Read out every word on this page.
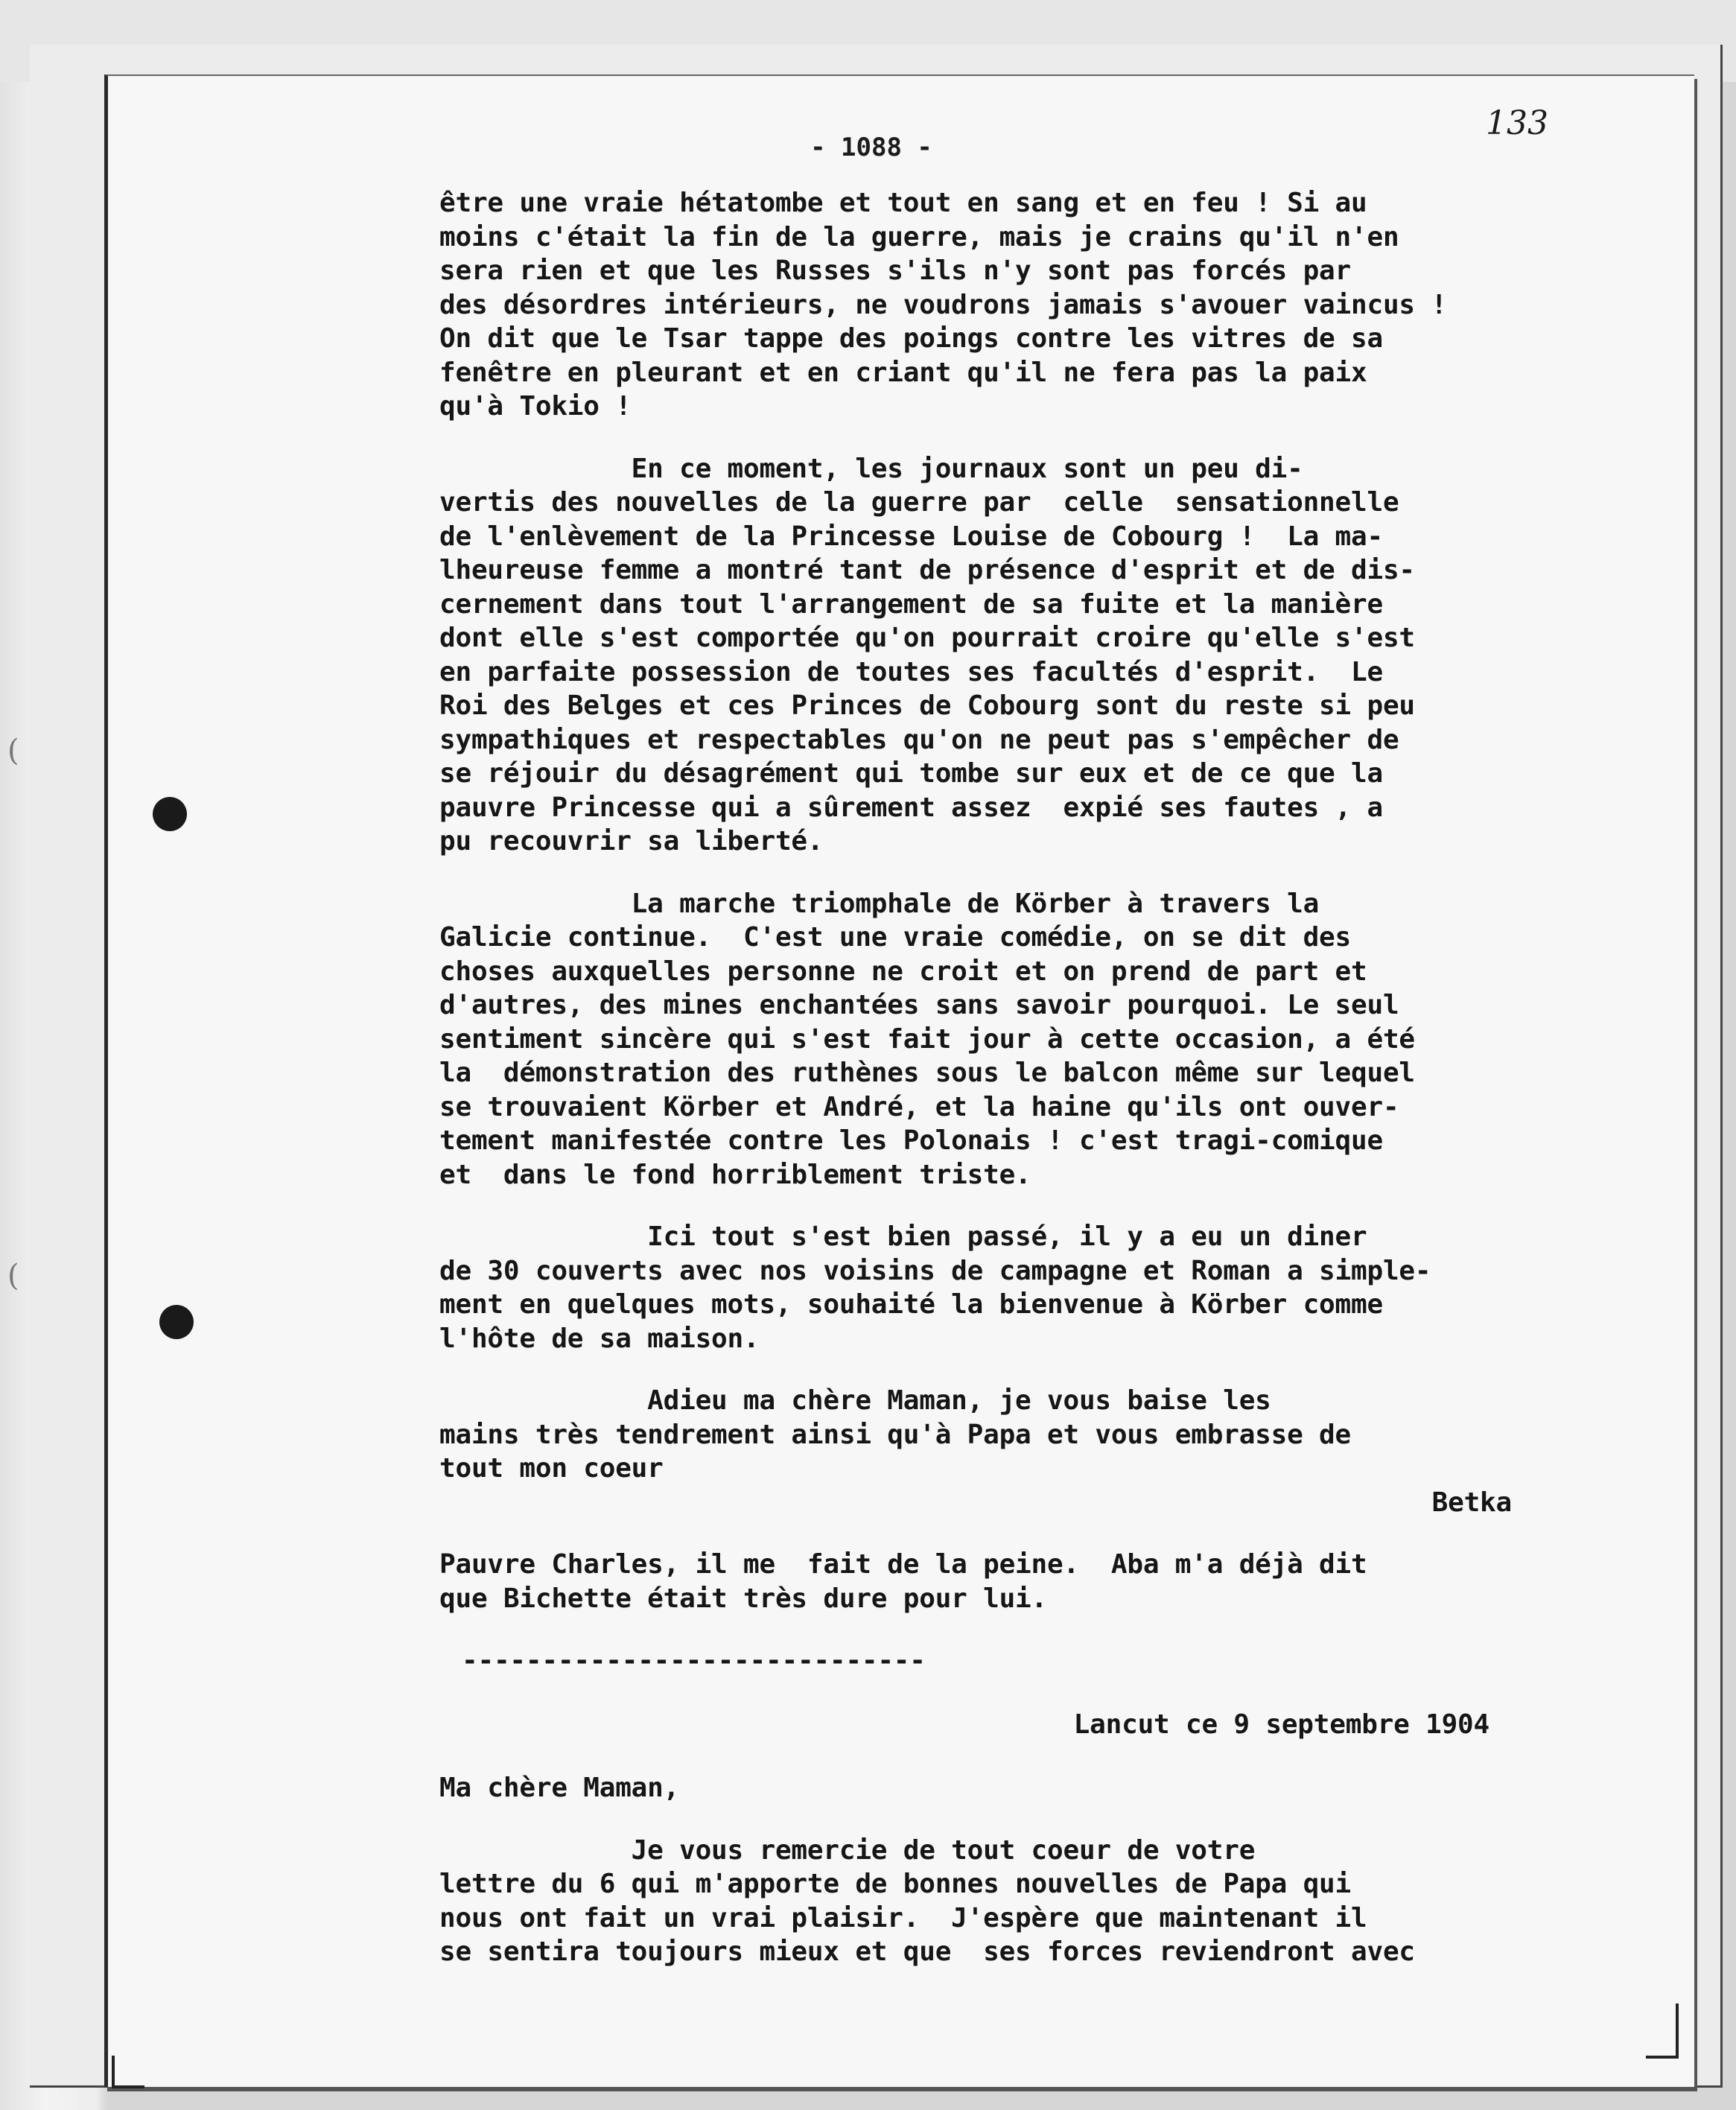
(
(
- 1088 -
133
être une vraie hétatombe et tout en sang et en feu ! Si au
moins c'était la fin de la guerre, mais je crains qu'il n'en
sera rien et que les Russes s'ils n'y sont pas forcés par
des désordres intérieurs, ne voudrons jamais s'avouer vaincus !
On dit que le Tsar tappe des poings contre les vitres de sa
fenêtre en pleurant et en criant qu'il ne fera pas la paix
qu'à Tokio !
En ce moment, les journaux sont un peu di-
vertis des nouvelles de la guerre par  celle  sensationnelle
de l'enlèvement de la Princesse Louise de Cobourg !  La ma-
lheureuse femme a montré tant de présence d'esprit et de dis-
cernement dans tout l'arrangement de sa fuite et la manière
dont elle s'est comportée qu'on pourrait croire qu'elle s'est
en parfaite possession de toutes ses facultés d'esprit.  Le
Roi des Belges et ces Princes de Cobourg sont du reste si peu
sympathiques et respectables qu'on ne peut pas s'empêcher de
se réjouir du désagrément qui tombe sur eux et de ce que la
pauvre Princesse qui a sûrement assez  expié ses fautes , a
pu recouvrir sa liberté.
La marche triomphale de Körber à travers la
Galicie continue.  C'est une vraie comédie, on se dit des
choses auxquelles personne ne croit et on prend de part et
d'autres, des mines enchantées sans savoir pourquoi. Le seul
sentiment sincère qui s'est fait jour à cette occasion, a été
la  démonstration des ruthènes sous le balcon même sur lequel
se trouvaient Körber et André, et la haine qu'ils ont ouver-
tement manifestée contre les Polonais ! c'est tragi-comique
et  dans le fond horriblement triste.
Ici tout s'est bien passé, il y a eu un diner
de 30 couverts avec nos voisins de campagne et Roman a simple-
ment en quelques mots, souhaité la bienvenue à Körber comme
l'hôte de sa maison.
Adieu ma chère Maman, je vous baise les
mains très tendrement ainsi qu'à Papa et vous embrasse de
tout mon coeur
Betka
Pauvre Charles, il me  fait de la peine.  Aba m'a déjà dit
que Bichette était très dure pour lui.
-----------------------------
Lancut ce 9 septembre 1904
Ma chère Maman,
Je vous remercie de tout coeur de votre
lettre du 6 qui m'apporte de bonnes nouvelles de Papa qui
nous ont fait un vrai plaisir.  J'espère que maintenant il
se sentira toujours mieux et que  ses forces reviendront avec
